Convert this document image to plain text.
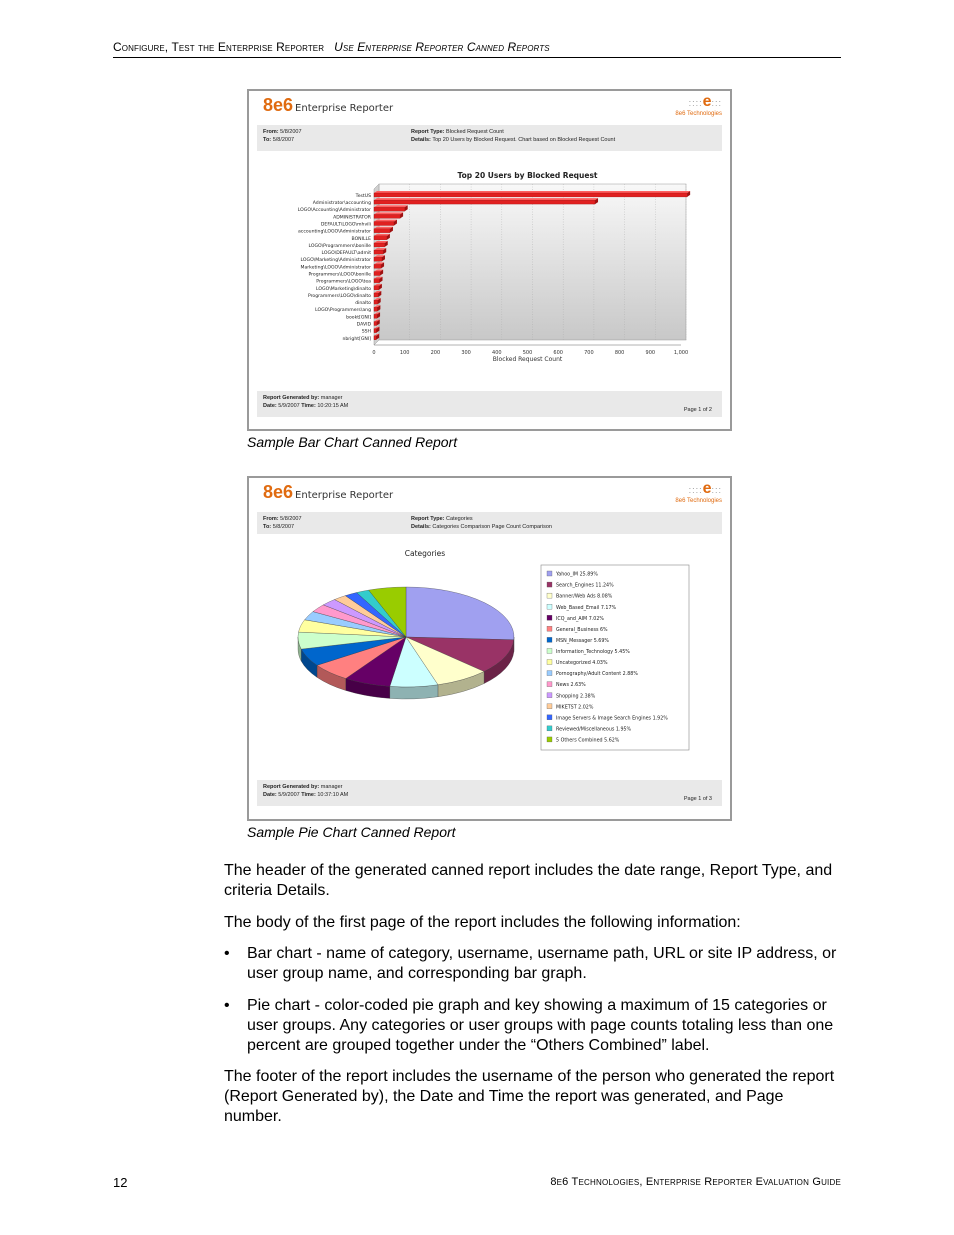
Configure, Test the Enterprise Reporter Use Enterprise Reporter Canned Reports
8e6 Enterprise Reporter	::::e:::
8e6 Technologies
From: 5/8/2007
To: 5/8/2007
Report Type: Blocked Request Count
Details: Top 20 Users by Blocked Request. Chart based on Blocked Request Count
Top 20 Users by Blocked Request
0	100	200	300	400	500	600	700	800	900	1,000
Blocked Request Count
TestUS
Administrator\accounting
LOGO\Accounting\Administrator
ADMINISTRATOR
DEFAULT\LOGO\mhvili
accounting\LOGO\Administrator
BONILLE
LOGO\Programmers\bonille
LOGO\DEFAULT\admit
LOGO\Marketing\Administrator
Marketing\LOGO\Administrator
Programmers\LOGO\bonille
Programmers\LOGO\tea
LOGO\Marketing\dinalto
Programmers\LOGO\dinalto
dinalto
LOGO\Programmers\ang
bookt[GNI]
DAVID
SSH
nbright[GNI]
Report Generated by: manager
Date: 5/9/2007 Time: 10:20:15 AM
Page 1 of 2
Sample Bar Chart Canned Report
8e6 Enterprise Reporter	::::e:::
8e6 Technologies
From: 5/8/2007
To: 5/8/2007
Report Type: Categories
Details: Categories Comparison Page Count Comparison
Categories
Yahoo_IM 25.89%
Search_Engines 11.24%
Banner/Web Ads 8.08%
Web_Based_Email 7.17%
ICQ_and_AIM 7.02%
General_Business 6%
MSN_Messager 5.69%
Information_Technology 5.45%
Uncategorized 4.03%
Pornography/Adult Content 2.88%
News 2.63%
Shopping 2.38%
MIKETST 2.02%
Image Servers & Image Search Engines 1.92%
Reviewed/Miscellaneous 1.95%
5 Others Combined 5.62%
Report Generated by: manager
Date: 5/9/2007 Time: 10:37:10 AM
Page 1 of 3
Sample Pie Chart Canned Report

The header of the generated canned report includes the date range, Report Type, and criteria Details.

The body of the first page of the report includes the following information:

• Bar chart - name of category, username, username path, URL or site IP address, or user group name, and corresponding bar graph.
• Pie chart - color-coded pie graph and key showing a maximum of 15 categories or user groups. Any categories or user groups with page counts totaling less than one percent are grouped together under the “Others Combined” label.

The footer of the report includes the username of the person who generated the report (Report Generated by), the Date and Time the report was generated, and Page number.

12	8e6 Technologies, Enterprise Reporter Evaluation Guide
